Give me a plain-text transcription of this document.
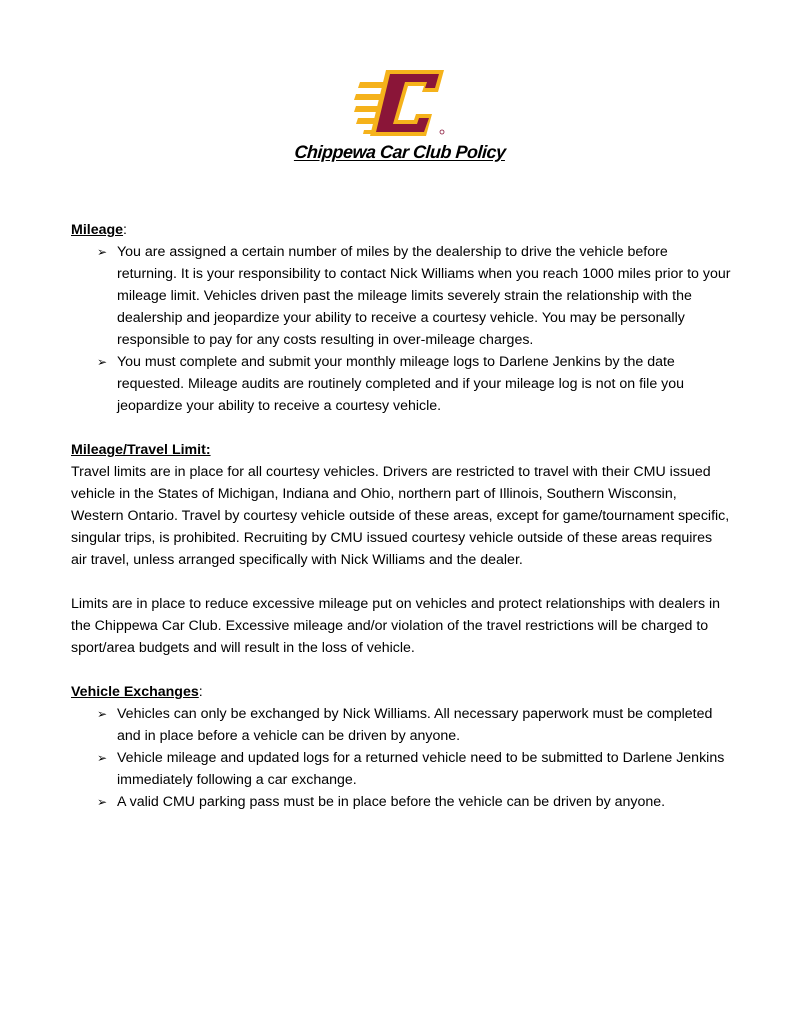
Chippewa Car Club Policy
Mileage:
➢ You are assigned a certain number of miles by the dealership to drive the vehicle before returning. It is your responsibility to contact Nick Williams when you reach 1000 miles prior to your mileage limit. Vehicles driven past the mileage limits severely strain the relationship with the dealership and jeopardize your ability to receive a courtesy vehicle. You may be personally responsible to pay for any costs resulting in over-mileage charges.
➢ You must complete and submit your monthly mileage logs to Darlene Jenkins by the date requested. Mileage audits are routinely completed and if your mileage log is not on file you jeopardize your ability to receive a courtesy vehicle.
Mileage/Travel Limit:

Travel limits are in place for all courtesy vehicles. Drivers are restricted to travel with their CMU issued vehicle in the States of Michigan, Indiana and Ohio, northern part of Illinois, Southern Wisconsin, Western Ontario. Travel by courtesy vehicle outside of these areas, except for game/tournament specific, singular trips, is prohibited. Recruiting by CMU issued courtesy vehicle outside of these areas requires air travel, unless arranged specifically with Nick Williams and the dealer.

Limits are in place to reduce excessive mileage put on vehicles and protect relationships with dealers in the Chippewa Car Club. Excessive mileage and/or violation of the travel restrictions will be charged to sport/area budgets and will result in the loss of vehicle.

Vehicle Exchanges:
➢ Vehicles can only be exchanged by Nick Williams. All necessary paperwork must be completed and in place before a vehicle can be driven by anyone.
➢ Vehicle mileage and updated logs for a returned vehicle need to be submitted to Darlene Jenkins immediately following a car exchange.
➢ A valid CMU parking pass must be in place before the vehicle can be driven by anyone.
